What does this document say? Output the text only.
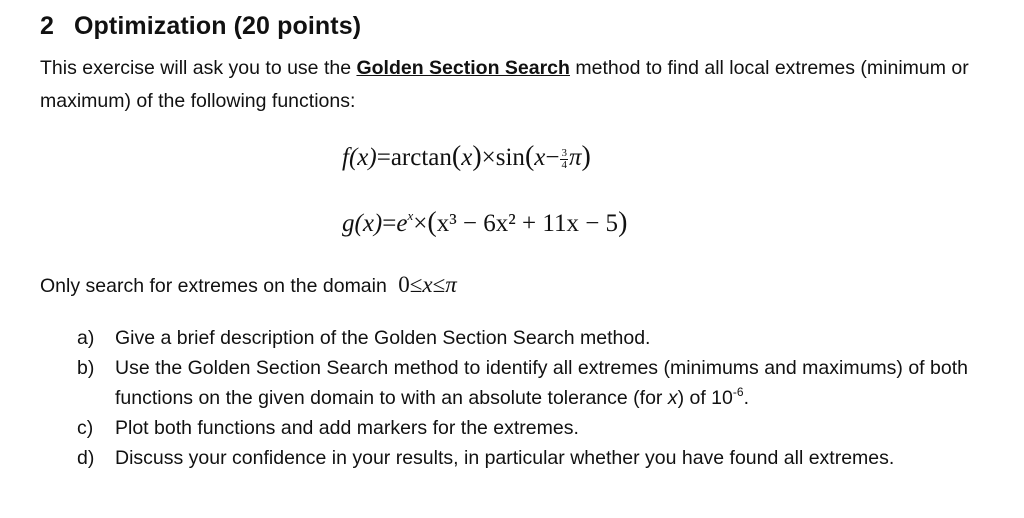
2 Optimization (20 points)
This exercise will ask you to use the Golden Section Search method to find all local extremes (minimum or maximum) of the following functions:
$f(x)=\arctan(x)\times\sin(x- \frac{3}{4} \pi)$
$g(x)=e^x\times(x^3 - 6x^2 + 11x - 5)$
Only search for extremes on the domain 0≤x≤π
a)	Give a brief description of the Golden Section Search method.
b)	Use the Golden Section Search method to identify all extremes (minimums and maximums) of both functions on the given domain to with an absolute tolerance (for x) of $10^{-6}$.
c)	Plot both functions and add markers for the extremes.
d)	Discuss your confidence in your results, in particular whether you have found all extremes.
